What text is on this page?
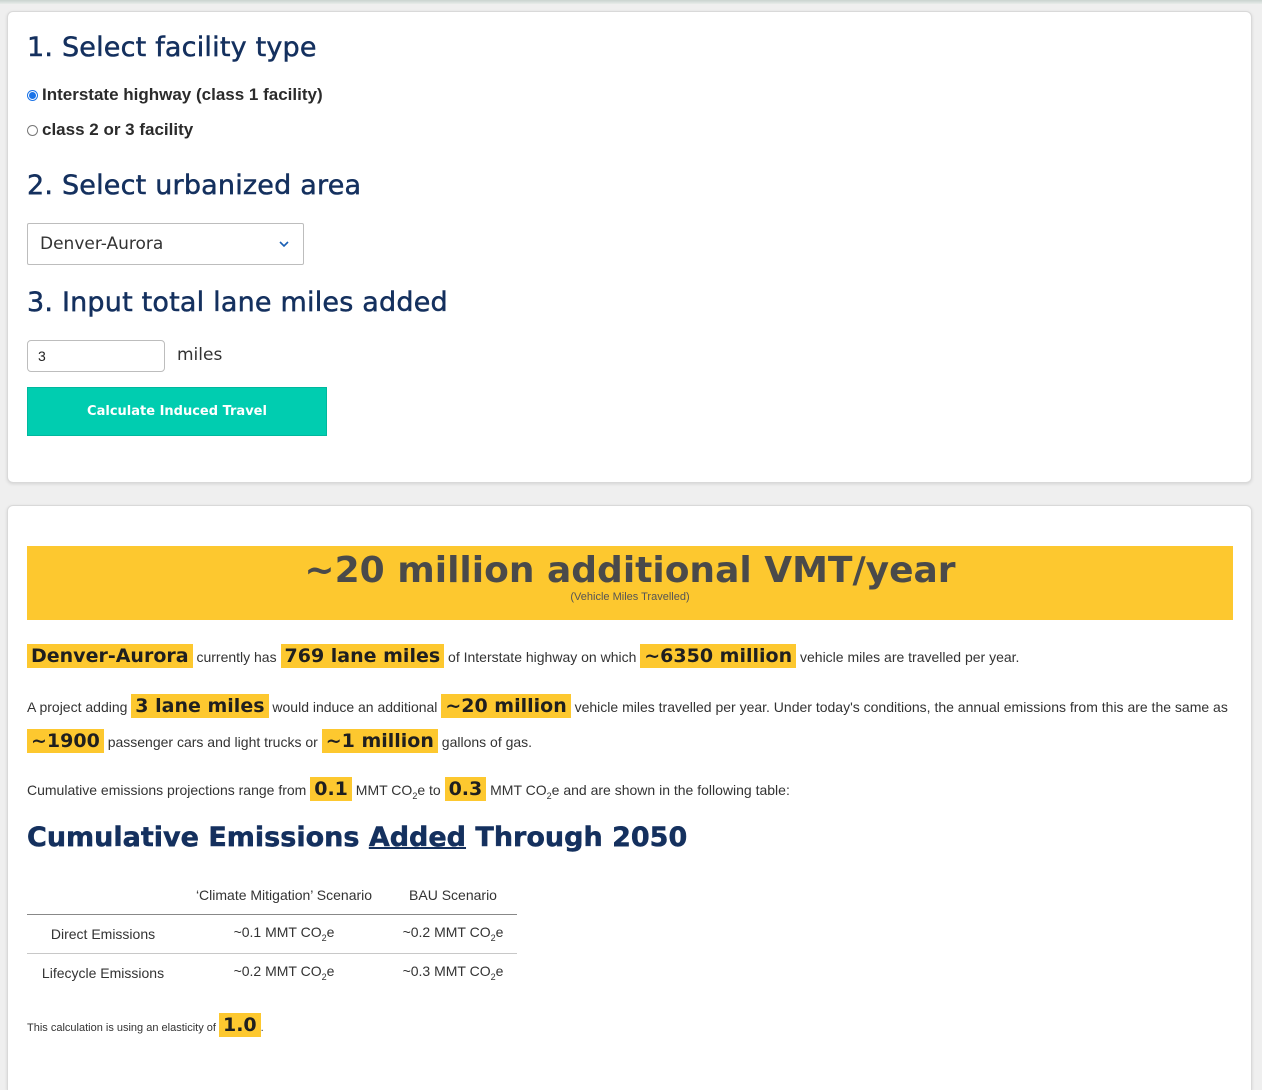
1. Select facility type
Interstate highway (class 1 facility)
class 2 or 3 facility
2. Select urbanized area
Denver-Aurora
3. Input total lane miles added
3
miles
Calculate Induced Travel
~20 million additional VMT/year
(Vehicle Miles Travelled)

Denver-Aurora currently has 769 lane miles of Interstate highway on which ~6350 million vehicle miles are travelled per year.

A project adding 3 lane miles would induce an additional ~20 million vehicle miles travelled per year. Under today's conditions, the annual emissions from this are the same as ~1900 passenger cars and light trucks or ~1 million gallons of gas.

Cumulative emissions projections range from 0.1 MMT $CO_2e$ to 0.3 MMT $CO_2e$ and are shown in the following table:

Cumulative Emissions Added Through 2050
	‘Climate Mitigation’ Scenario	BAU Scenario
Direct Emissions	~0.1 MMT $CO_2e$	~0.2 MMT $CO_2e$
Lifecycle Emissions	~0.2 MMT $CO_2e$	~0.3 MMT $CO_2e$

This calculation is using an elasticity of 1.0 .
